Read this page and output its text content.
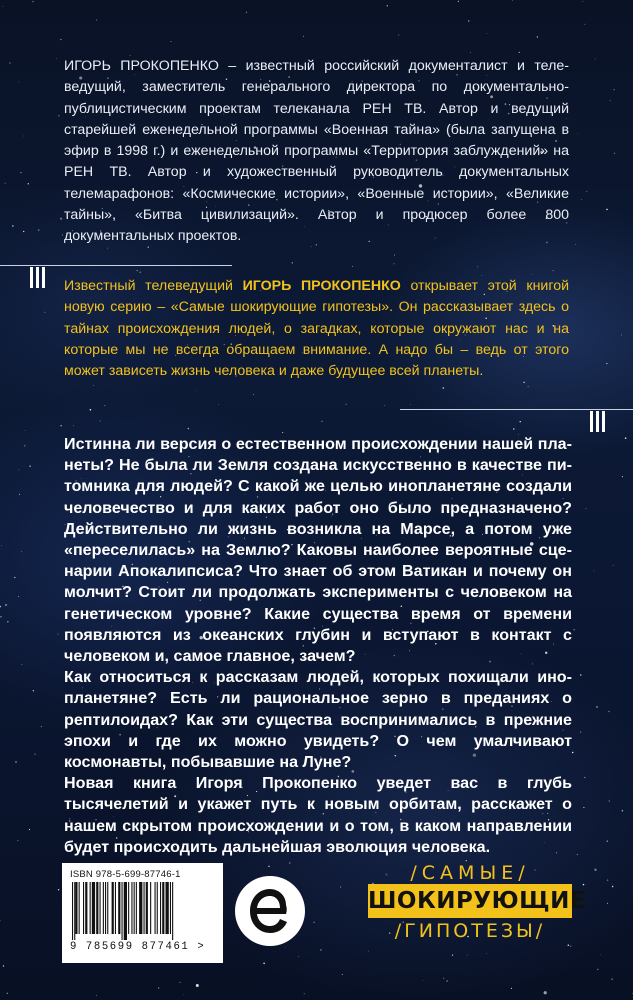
ИГОРЬ ПРОКОПЕНКО – известный российский документалист и телеведущий, заместитель генерального директора по документально-публицистическим проектам телеканала РЕН ТВ. Автор и ведущий старейшей еженедельной программы «Военная тайна» (была запущена в эфир в 1998 г.) и еженедельной программы «Территория заблуждений» на РЕН ТВ. Автор и художественный руководитель документальных телемарафонов: «Космические истории», «Военные истории», «Великие тайны», «Битва цивилизаций». Автор и продюсер более 800 документальных проектов.
Известный телеведущий ИГОРЬ ПРОКОПЕНКО открывает этой книгой новую серию – «Самые шокирующие гипотезы». Он рассказывает здесь о тайнах происхождения людей, о загадках, которые окружают нас и на которые мы не всегда обращаем внимание. А надо бы – ведь от этого может зависеть жизнь человека и даже будущее всей планеты.

Истинна ли версия о естественном происхождении нашей планеты? Не была ли Земля создана искусственно в качестве питомника для людей? С какой же целью инопланетяне создали человечество и для каких работ оно было предназначено? Действительно ли жизнь возникла на Марсе, а потом уже «переселилась» на Землю? Каковы наиболее вероятные сценарии Апокалипсиса? Что знает об этом Ватикан и почему он молчит? Стоит ли продолжать эксперименты с человеком на генетическом уровне? Какие существа время от времени появляются из океанских глубин и вступают в контакт с человеком и, самое главное, зачем?

Как относиться к рассказам людей, которых похищали инопланетяне? Есть ли рациональное зерно в преданиях о рептилоидах? Как эти существа воспринимались в прежние эпохи и где их можно увидеть? О чем умалчивают космонавты, побывавшие на Луне?

Новая книга Игоря Прокопенко уведет вас в глубь тысячелетий и укажет путь к новым орбитам, расскажет о нашем скрытом происхождении и о том, в каком направлении будет происходить дальнейшая эволюция человека.

ISBN 978-5-699-87746-1
9 785699 877461 >
/САМЫЕ/
ШОКИРУЮЩИЕ
/ГИПОТЕЗЫ/
